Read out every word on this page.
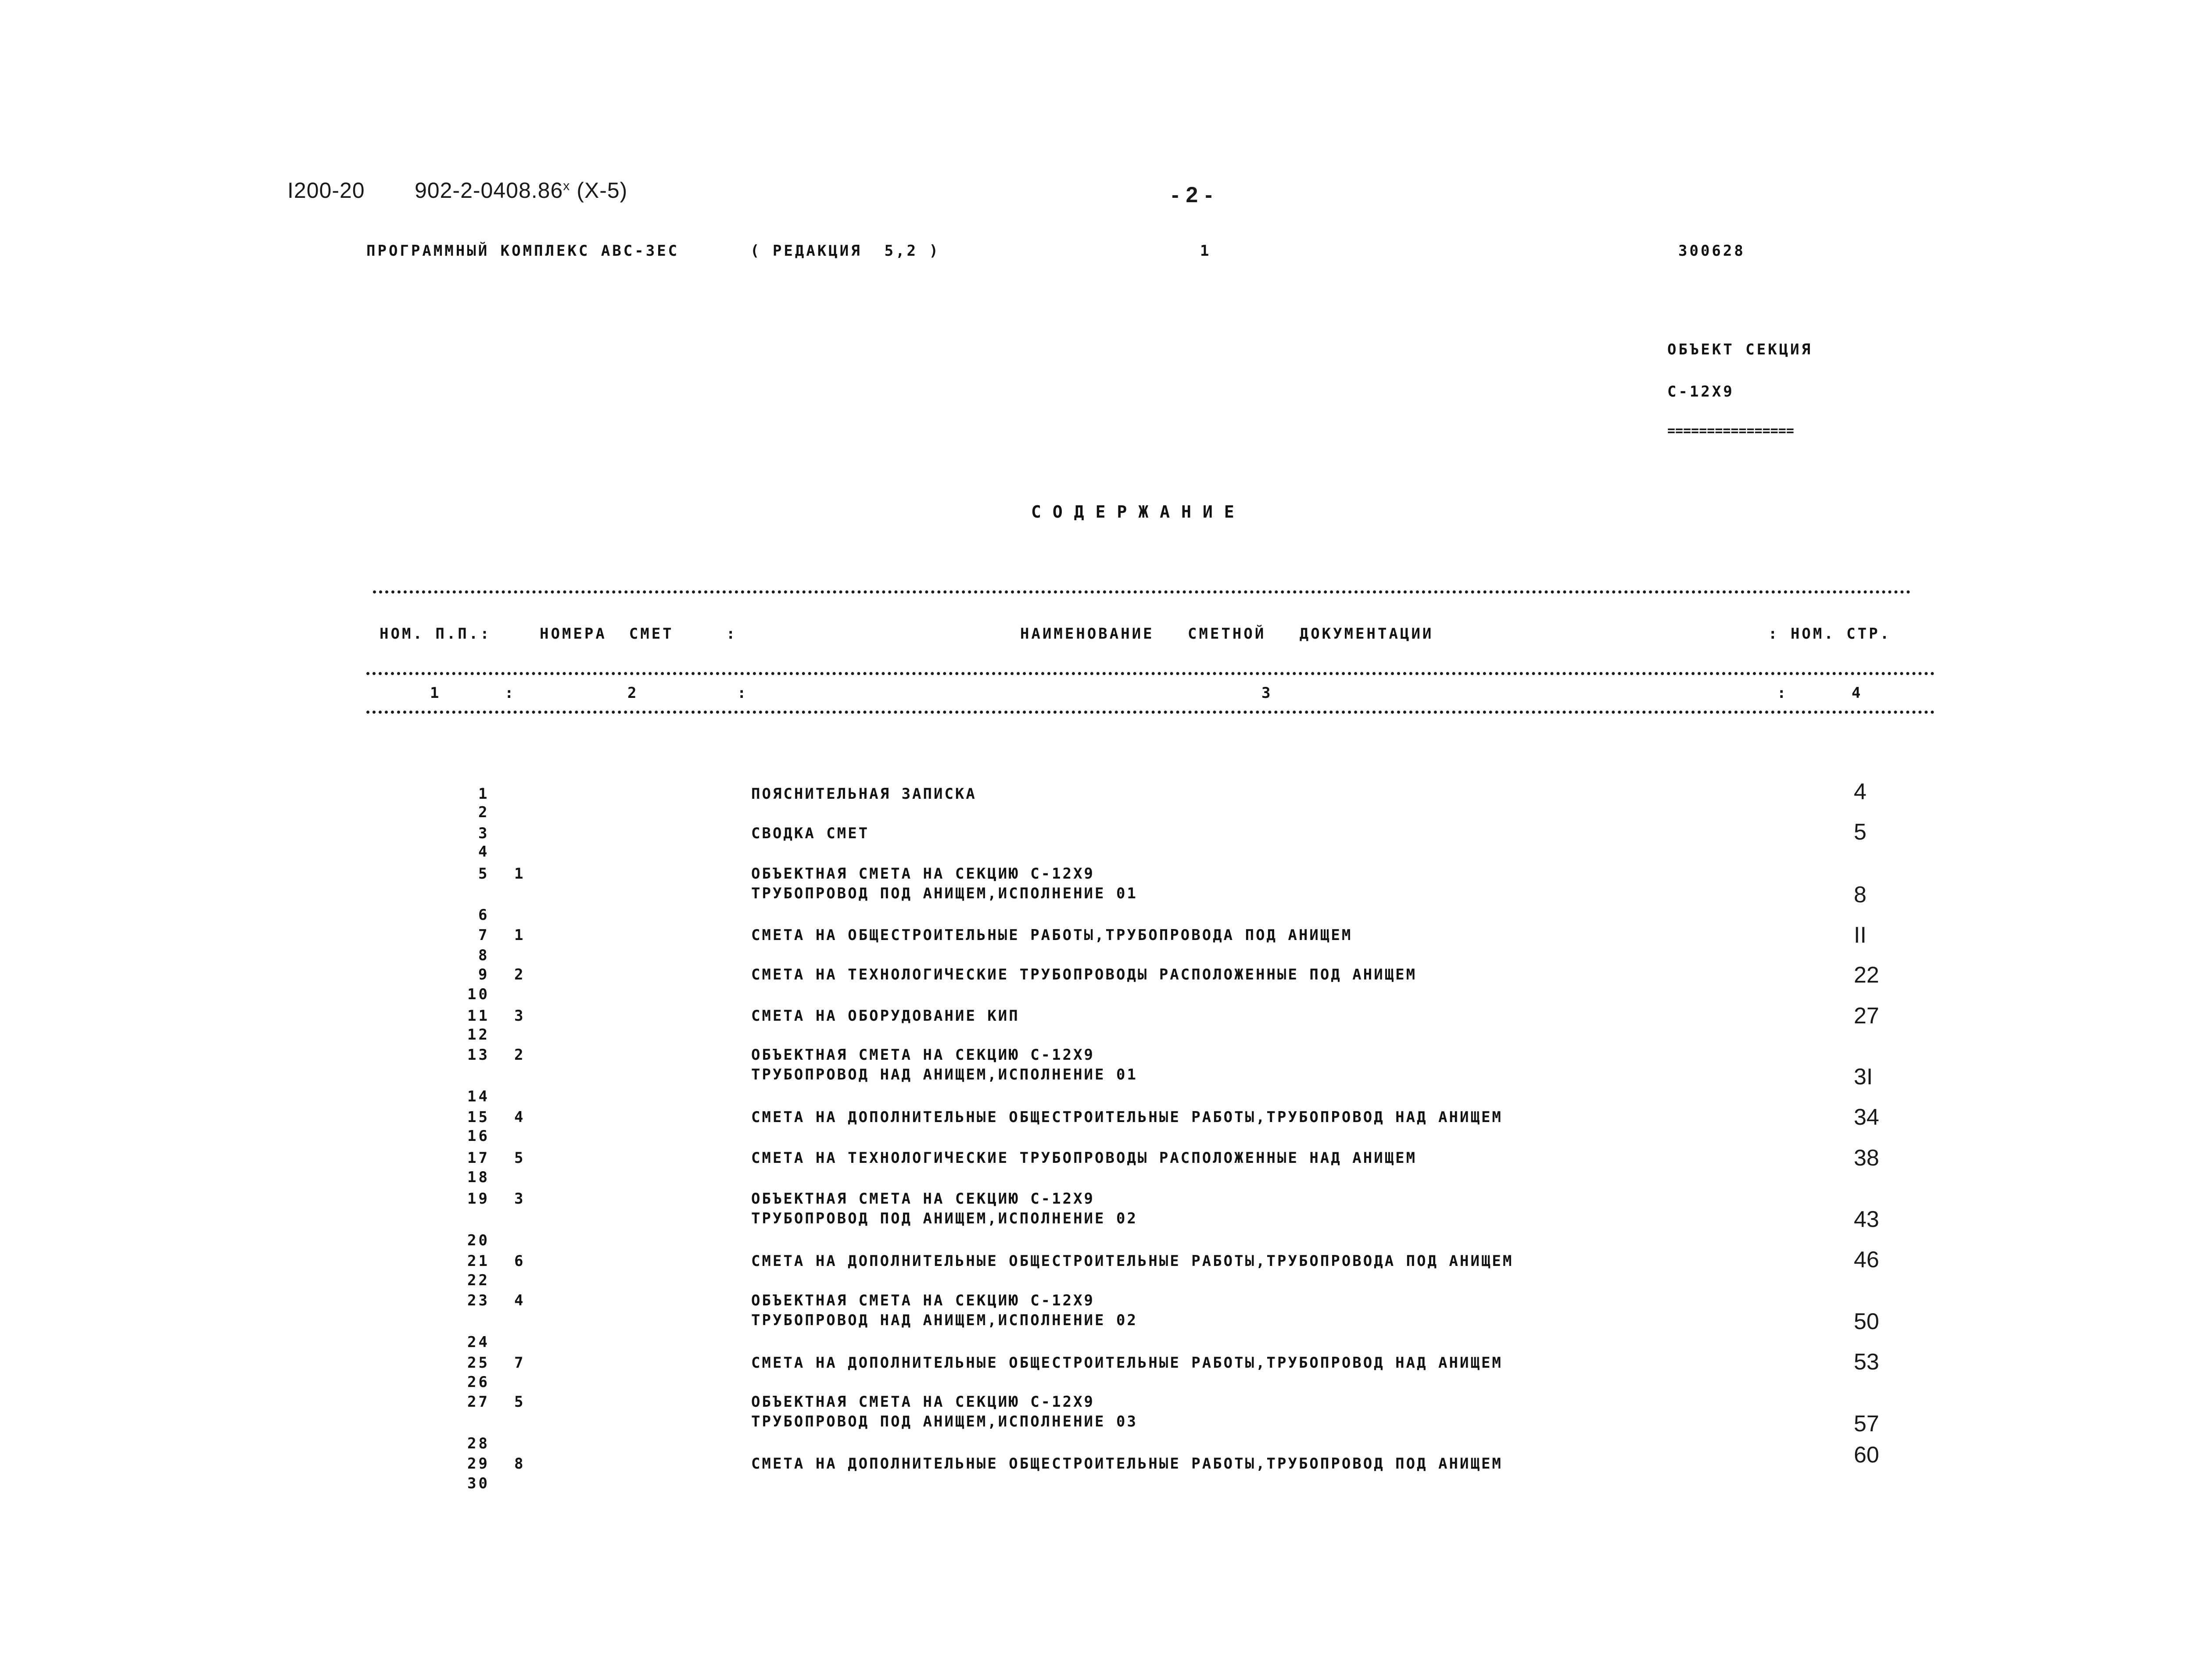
I200-20 902-2-0408.86$^x$ (X-5)	- 2 -
ПРОГРАММНЫЙ КОМПЛЕКС АВС-ЗЕС	( РЕДАКЦИЯ  5,2 )	1	300628
ОБЪЕКТ СЕКЦИЯ
С-12Х9
================
СОДЕРЖАНИЕ
НОМ. П.П.:	НОМЕРА  СМЕТ	:	НАИМЕНОВАНИЕ   СМЕТНОЙ   ДОКУМЕНТАЦИИ	: НОМ. СТР.
1	:	2	:	3	:	4
1	ПОЯСНИТЕЛЬНАЯ ЗАПИСКА	4
2
3	СВОДКА СМЕТ	5
4
5 1	ОБЪЕКТНАЯ СМЕТА НА СЕКЦИЮ С-12Х9
ТРУБОПРОВОД ПОД АНИЩЕМ,ИСПОЛНЕНИЕ 01	8
6
7 1	СМЕТА НА ОБЩЕСТРОИТЕЛЬНЫЕ РАБОТЫ,ТРУБОПРОВОДА ПОД АНИЩЕМ	II
8
9 2	СМЕТА НА ТЕХНОЛОГИЧЕСКИЕ ТРУБОПРОВОДЫ РАСПОЛОЖЕННЫЕ ПОД АНИЩЕМ	22
10
11 3	СМЕТА НА ОБОРУДОВАНИЕ КИП	27
12
13 2	ОБЪЕКТНАЯ СМЕТА НА СЕКЦИЮ С-12Х9
ТРУБОПРОВОД НАД АНИЩЕМ,ИСПОЛНЕНИЕ 01	3I
14
15 4	СМЕТА НА ДОПОЛНИТЕЛЬНЫЕ ОБЩЕСТРОИТЕЛЬНЫЕ РАБОТЫ,ТРУБОПРОВОД НАД АНИЩЕМ	34
16
17 5	СМЕТА НА ТЕХНОЛОГИЧЕСКИЕ ТРУБОПРОВОДЫ РАСПОЛОЖЕННЫЕ НАД АНИЩЕМ	38
18
19 3	ОБЪЕКТНАЯ СМЕТА НА СЕКЦИЮ С-12Х9
ТРУБОПРОВОД ПОД АНИЩЕМ,ИСПОЛНЕНИЕ 02	43
20
21 6	СМЕТА НА ДОПОЛНИТЕЛЬНЫЕ ОБЩЕСТРОИТЕЛЬНЫЕ РАБОТЫ,ТРУБОПРОВОДА ПОД АНИЩЕМ	46
22
23 4	ОБЪЕКТНАЯ СМЕТА НА СЕКЦИЮ С-12Х9
ТРУБОПРОВОД НАД АНИЩЕМ,ИСПОЛНЕНИЕ 02	50
24
25 7	СМЕТА НА ДОПОЛНИТЕЛЬНЫЕ ОБЩЕСТРОИТЕЛЬНЫЕ РАБОТЫ,ТРУБОПРОВОД НАД АНИЩЕМ	53
26
27 5	ОБЪЕКТНАЯ СМЕТА НА СЕКЦИЮ С-12Х9
ТРУБОПРОВОД ПОД АНИЩЕМ,ИСПОЛНЕНИЕ 03	57
28
29 8	СМЕТА НА ДОПОЛНИТЕЛЬНЫЕ ОБЩЕСТРОИТЕЛЬНЫЕ РАБОТЫ,ТРУБОПРОВОД ПОД АНИЩЕМ	60
30
